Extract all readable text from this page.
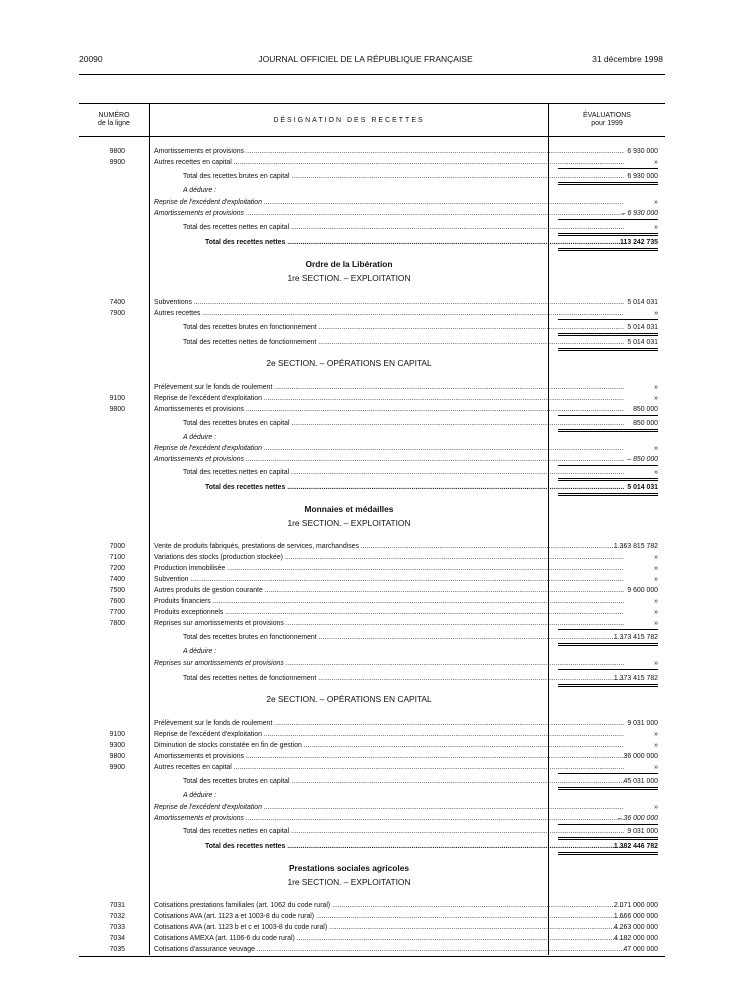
20090	JOURNAL OFFICIEL DE LA RÉPUBLIQUE FRANÇAISE	31 décembre 1998
NUMÉRO
de la ligne	DÉSIGNATION DES RECETTES
ÉVALUATIONS
pour 1999
Ordre de la Libération
1re SECTION. – EXPLOITATION
2e SECTION. – OPÉRATIONS EN CAPITAL
Monnaies et médailles
1re SECTION. – EXPLOITATION
2e SECTION. – OPÉRATIONS EN CAPITAL
Prestations sociales agricoles
1re SECTION. – EXPLOITATION
9800	Amortissements et provisions .....	6 930 000
9900	Autres recettes en capital .....	»
Total des recettes brutes en capital .....	6 930 000
A déduire :
Reprise de l'excédent d'exploitation .....	»
Amortissements et provisions .....	– 6 930 000
Total des recettes nettes en capital .....	»
Total des recettes nettes .....	113 242 735
7400	Subventions .....	5 014 031
7900	Autres recettes .....	»
Total des recettes brutes en fonctionnement .....	5 014 031
Total des recettes nettes de fonctionnement .....	5 014 031
Prélèvement sur le fonds de roulement .....	»
9100	Reprise de l'excédent d'exploitation .....	»
9800	Amortissements et provisions .....	850 000
Total des recettes brutes en capital .....	850 000
A déduire :
Reprise de l'excédent d'exploitation .....	»
Amortissements et provisions .....	– 850 000
Total des recettes nettes en capital .....	»
Total des recettes nettes .....	5 014 031
7000	Vente de produits fabriqués, prestations de services, marchandises .....	1 363 815 782
7100	Variations des stocks (production stockée) .....	»
7200	Production immobilisée .....	»
7400	Subvention .....	»
7500	Autres produits de gestion courante .....	9 600 000
7600	Produits financiers .....	»
7700	Produits exceptionnels .....	»
7800	Reprises sur amortissements et provisions .....	»
Total des recettes brutes en fonctionnement .....	1 373 415 782
A déduire :
Reprises sur amortissements et provisions .....	»
Total des recettes nettes de fonctionnement .....	1 373 415 782
Prélèvement sur le fonds de roulement .....	9 031 000
9100	Reprise de l'excédent d'exploitation .....	»
9300	Diminution de stocks constatée en fin de gestion .....	»
9800	Amortissements et provisions .....	36 000 000
9900	Autres recettes en capital .....	»
Total des recettes brutes en capital .....	45 031 000
A déduire :
Reprise de l'excédent d'exploitation .....	»
Amortissements et provisions .....	– 36 000 000
Total des recettes nettes en capital .....	9 031 000
Total des recettes nettes .....	1 382 446 782
7031	Cotisations prestations familiales (art. 1062 du code rural) .....	2 071 000 000
7032	Cotisations AVA (art. 1123 a et 1003-8 du code rural) .....	1 666 000 000
7033	Cotisations AVA (art. 1123 b et c et 1003-8 du code rural) .....	4 263 000 000
7034	Cotisations AMEXA (art. 1106-6 du code rural) .....	4 182 000 000
7035	Cotisations d'assurance veuvage .....	47 000 000
